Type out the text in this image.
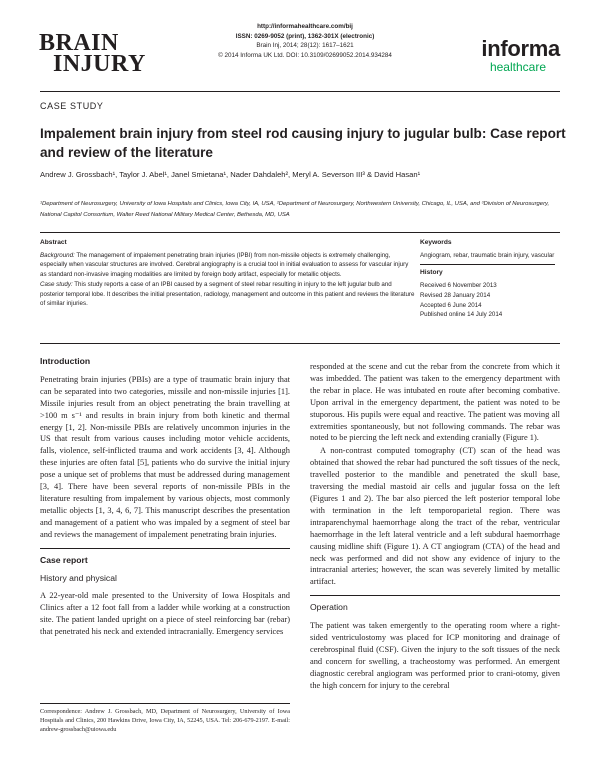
BRAIN
INJURY
http://informahealthcare.com/bij
ISSN: 0269-9052 (print), 1362-301X (electronic)
Brain Inj, 2014; 28(12): 1617–1621
© 2014 Informa UK Ltd. DOI: 10.3109/02699052.2014.934284	informa
healthcare
CASE STUDY
Impalement brain injury from steel rod causing injury to jugular bulb: Case report and review of the literature
Andrew J. Grossbach¹, Taylor J. Abel¹, Janel Smietana¹, Nader Dahdaleh², Meryl A. Severson III³ & David Hasan¹
¹Department of Neurosurgery, University of Iowa Hospitals and Clinics, Iowa City, IA, USA, ²Department of Neurosurgery, Northwestern University, Chicago, IL, USA, and ³Division of Neurosurgery, National Capitol Consortium, Walter Reed National Military Medical Center, Bethesda, MD, USA
Abstract

Background: The management of impalement penetrating brain injuries (IPBI) from non-missile objects is extremely challenging, especially when vascular structures are involved. Cerebral angiography is a crucial tool in initial evaluation to assess for vascular injury as standard non-invasive imaging modalities are limited by foreign body artifact, especially for metallic objects.

Case study: This study reports a case of an IPBI caused by a segment of steel rebar resulting in injury to the left jugular bulb and posterior temporal lobe. It describes the initial presentation, radiology, management and outcome in this patient and reviews the literature of similar injuries.

Keywords
Angiogram, rebar, traumatic brain injury, vascular
History
Received 6 November 2013
Revised 28 January 2014
Accepted 6 June 2014
Published online 14 July 2014
Introduction

Penetrating brain injuries (PBIs) are a type of traumatic brain injury that can be separated into two categories, missile and non-missile injuries [1]. Missile injuries result from an object penetrating the brain travelling at >100 m s⁻¹ and results in brain injury from both kinetic and thermal energy [1, 2]. Non-missile PBIs are relatively uncommon injuries in the US that result from various causes including motor vehicle accidents, falls, violence, self-inflicted trauma and work accidents [3, 4]. Although these injuries are often fatal [5], patients who do survive the initial injury pose a unique set of problems that must be addressed during management [3, 4]. There have been several reports of non-missile PBIs in the literature resulting from impalement by various objects, most commonly metallic objects [1, 3, 4, 6, 7]. This manuscript describes the presentation and management of a patient who was impaled by a segment of steel bar and reviews the management of impalement penetrating brain injuries.

Case report
History and physical

A 22-year-old male presented to the University of Iowa Hospitals and Clinics after a 12 foot fall from a ladder while working at a construction site. The patient landed upright on a piece of steel reinforcing bar (rebar) that penetrated his neck and extended intracranially. Emergency services

responded at the scene and cut the rebar from the concrete from which it was imbedded. The patient was taken to the emergency department with the rebar in place. He was intubated en route after becoming combative. Upon arrival in the emergency department, the patient was noted to be stuporous. His pupils were equal and reactive. The patient was moving all extremities spontaneously, but not following commands. The rebar was noted to be piercing the left neck and extending cranially (Figure 1).

A non-contrast computed tomography (CT) scan of the head was obtained that showed the rebar had punctured the soft tissues of the neck, travelled posterior to the mandible and penetrated the skull base, traversing the medial mastoid air cells and jugular fossa on the left (Figures 1 and 2). The bar also pierced the left posterior temporal lobe with termination in the left temporoparietal region. There was intraparenchymal haemorrhage along the tract of the rebar, ventricular haemorrhage in the left lateral ventricle and a left subdural haemorrhage causing midline shift (Figure 1). A CT angiogram (CTA) of the head and neck was performed and did not show any evidence of injury to the intracranial arteries; however, the scan was severely limited by metallic artifact.

Operation

The patient was taken emergently to the operating room where a right-sided ventriculostomy was placed for ICP monitoring and drainage of cerebrospinal fluid (CSF). Given the injury to the soft tissues of the neck and concern for swelling, a tracheostomy was performed. An emergent diagnostic cerebral angiogram was performed prior to crani-otomy, given the high concern for injury to the cerebral

Correspondence: Andrew J. Grossbach, MD, Department of Neurosurgery, University of Iowa Hospitals and Clinics, 200 Hawkins Drive, Iowa City, IA, 52245, USA. Tel: 206-679-2197. E-mail: andrew-grossbach@uiowa.edu
